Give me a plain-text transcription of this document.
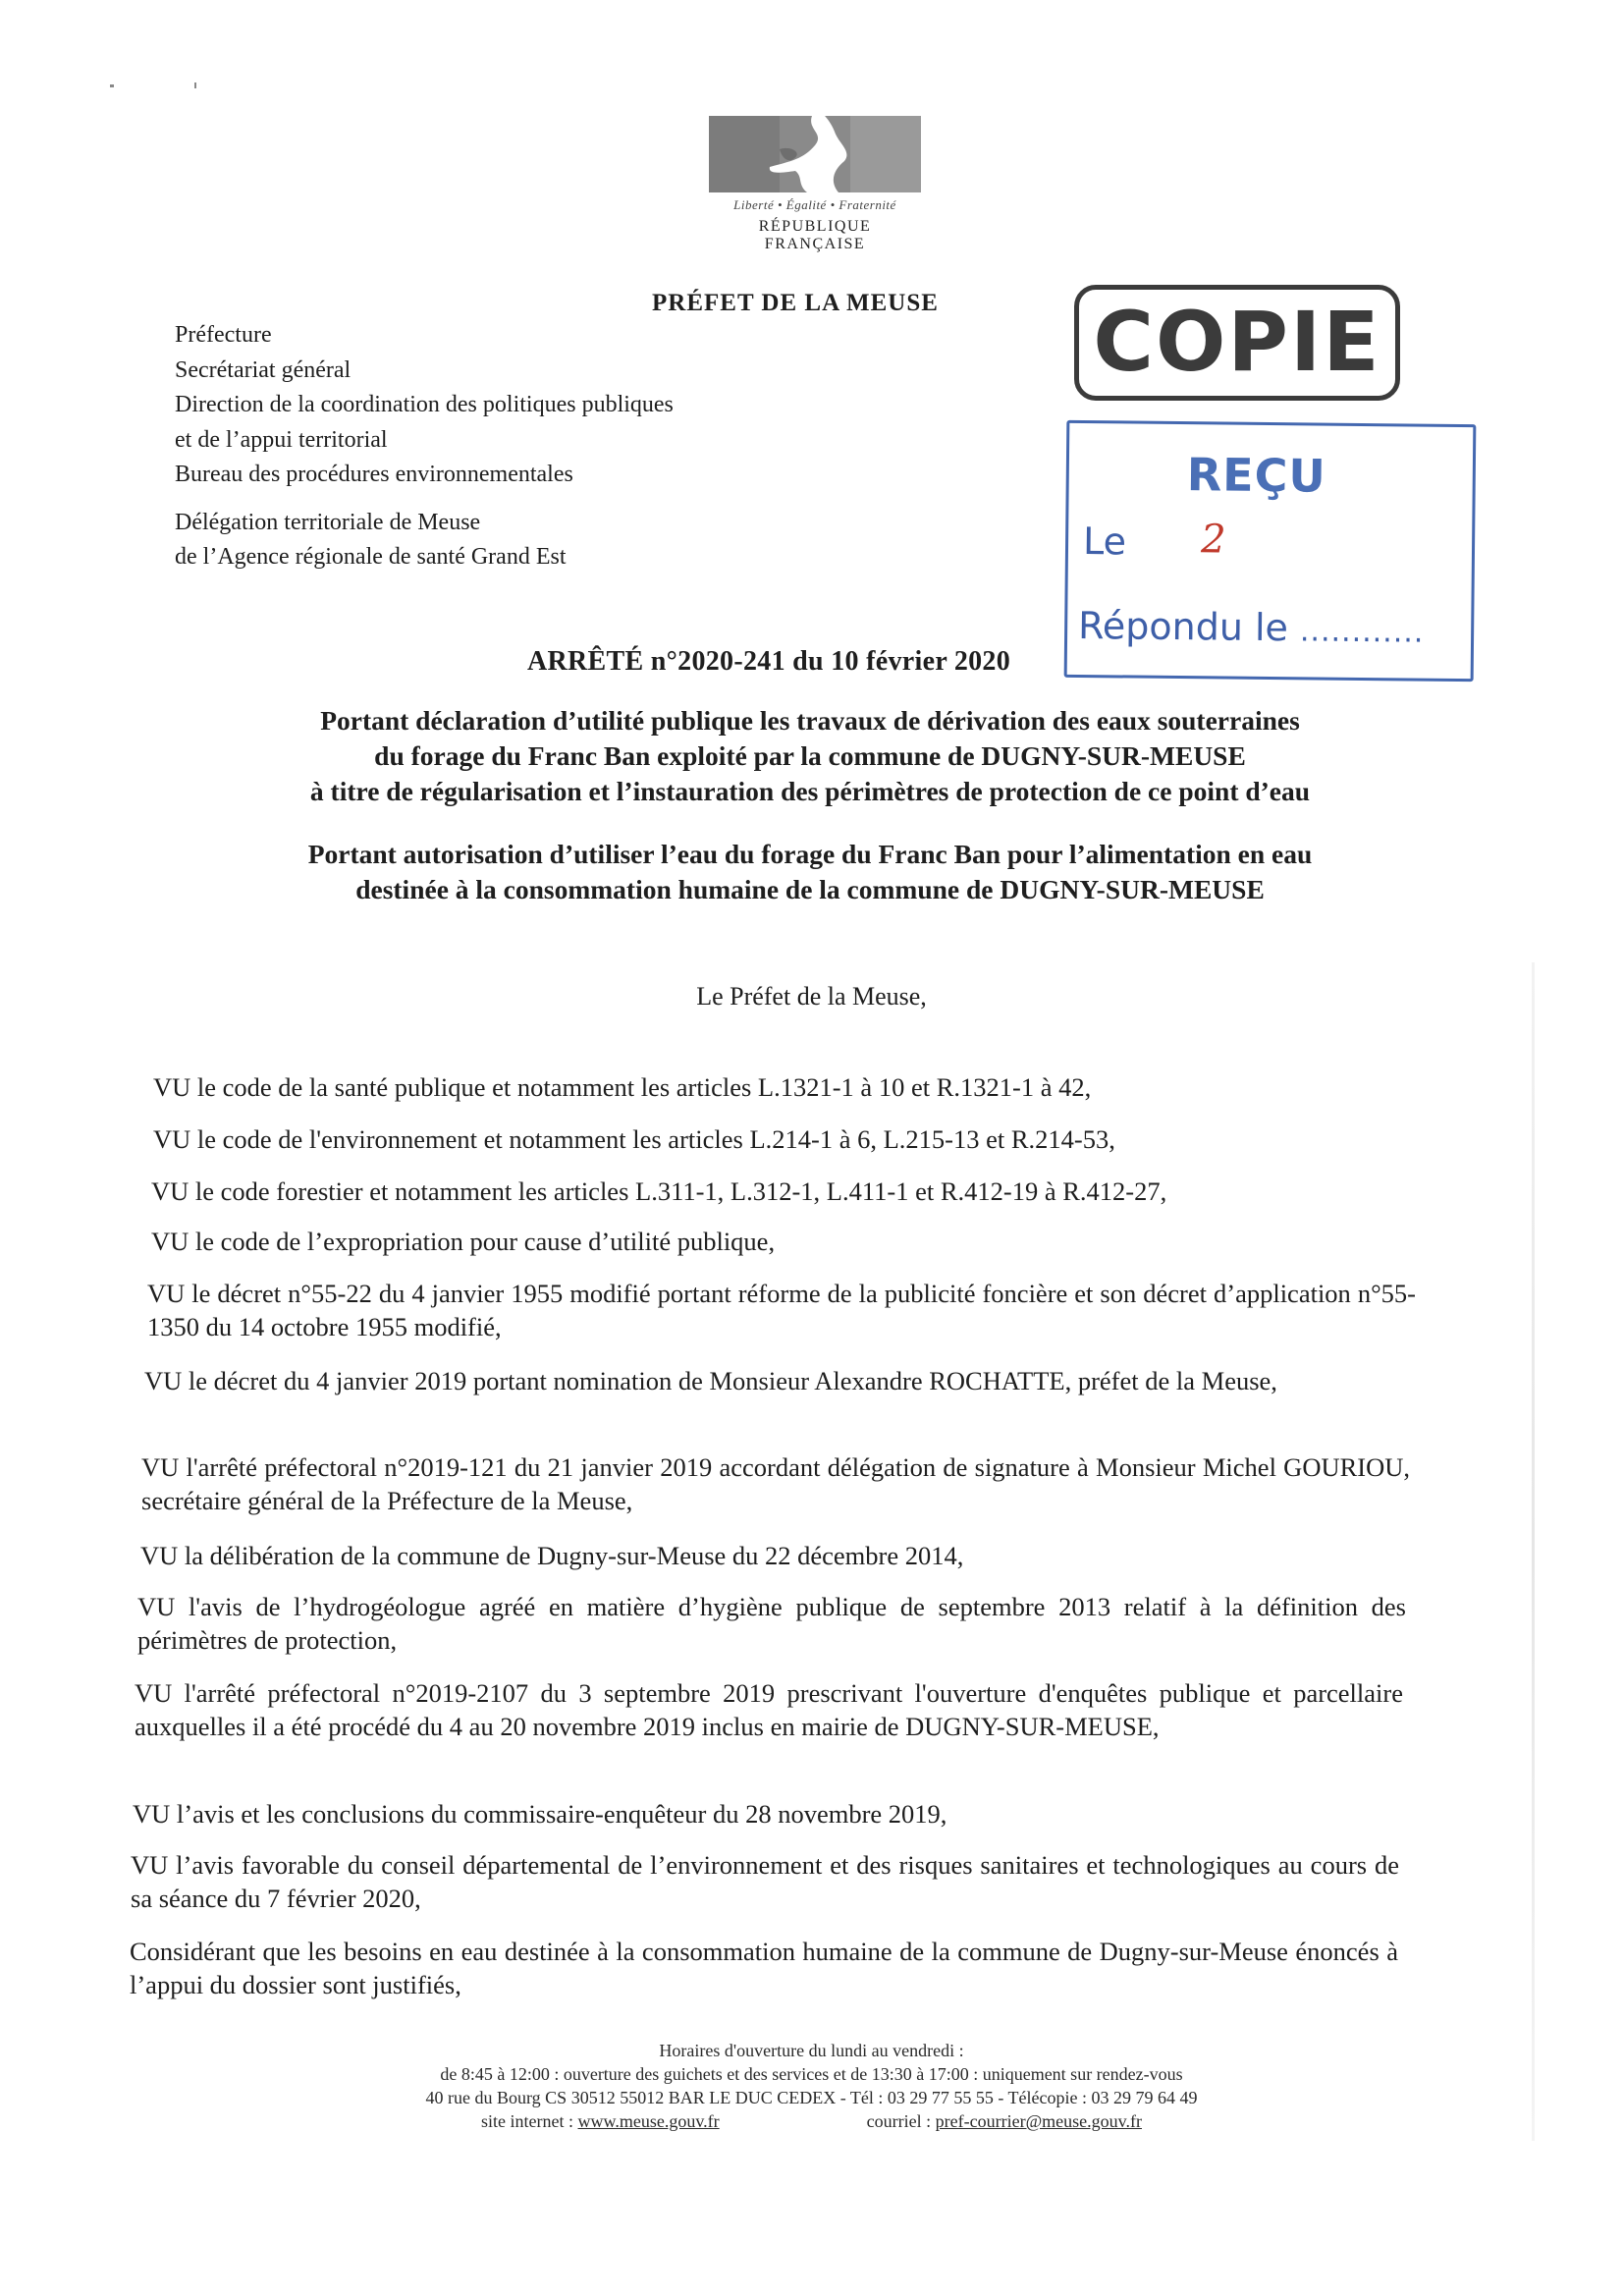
Liberté • Égalité • Fraternité
RÉPUBLIQUE FRANÇAISE
PRÉFET DE LA MEUSE
Préfecture
Secrétariat général
Direction de la coordination des politiques publiques
et de l’appui territorial
Bureau des procédures environnementales
Délégation territoriale de Meuse
de l’Agence régionale de santé Grand Est
COPIE
REÇU
Le 2
Répondu le ............
ARRÊTÉ n°2020-241 du 10 février 2020
Portant déclaration d’utilité publique les travaux de dérivation des eaux souterraines
du forage du Franc Ban exploité par la commune de DUGNY-SUR-MEUSE
à titre de régularisation et l’instauration des périmètres de protection de ce point d’eau
Portant autorisation d’utiliser l’eau du forage du Franc Ban pour l’alimentation en eau
destinée à la consommation humaine de la commune de DUGNY-SUR-MEUSE
Le Préfet de la Meuse,
VU le code de la santé publique et notamment les articles L.1321-1 à 10 et R.1321-1 à 42,
VU le code de l'environnement et notamment les articles L.214-1 à 6, L.215-13 et R.214-53,
VU le code forestier et notamment les articles L.311-1, L.312-1, L.411-1 et R.412-19 à R.412-27,
VU le code de l’expropriation pour cause d’utilité publique,
VU le décret n°55-22 du 4 janvier 1955 modifié portant réforme de la publicité foncière et son décret d’application n°55-1350 du 14 octobre 1955 modifié,
VU le décret du 4 janvier 2019 portant nomination de Monsieur Alexandre ROCHATTE, préfet de la Meuse,
VU l'arrêté préfectoral n°2019-121 du 21 janvier 2019 accordant délégation de signature à Monsieur Michel GOURIOU, secrétaire général de la Préfecture de la Meuse,
VU la délibération de la commune de Dugny-sur-Meuse du 22 décembre 2014,
VU l'avis de l’hydrogéologue agréé en matière d’hygiène publique de septembre 2013 relatif à la définition des périmètres de protection,
VU l'arrêté préfectoral n°2019-2107 du 3 septembre 2019 prescrivant l'ouverture d'enquêtes publique et parcellaire auxquelles il a été procédé du 4 au 20 novembre 2019 inclus en mairie de DUGNY-SUR-MEUSE,
VU l’avis et les conclusions du commissaire-enquêteur du 28 novembre 2019,
VU l’avis favorable du conseil départemental de l’environnement et des risques sanitaires et technologiques au cours de sa séance du 7 février 2020,
Considérant que les besoins en eau destinée à la consommation humaine de la commune de Dugny-sur-Meuse énoncés à l’appui du dossier sont justifiés,
Horaires d'ouverture du lundi au vendredi :
de 8:45 à 12:00 : ouverture des guichets et des services et de 13:30 à 17:00 : uniquement sur rendez-vous
40 rue du Bourg CS 30512 55012 BAR LE DUC CEDEX - Tél : 03 29 77 55 55 - Télécopie : 03 29 79 64 49
site internet : www.meuse.gouv.fr	courriel : pref-courrier@meuse.gouv.fr
